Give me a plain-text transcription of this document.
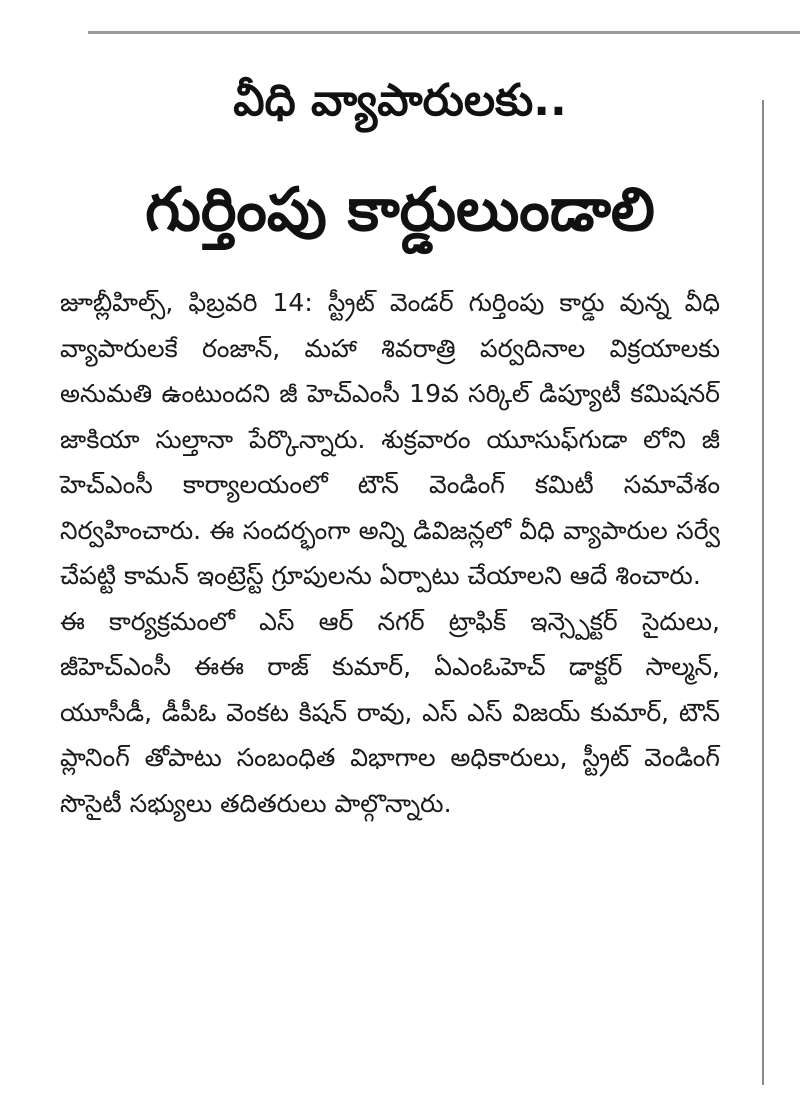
వీధి వ్యాపారులకు..
గుర్తింపు కార్డులుండాలి

జూబ్లీహిల్స్, ఫిబ్రవరి 14: స్ట్రీట్ వెండర్ గుర్తింపు కార్డు వున్న వీధి వ్యాపారులకే రంజాన్, మహా శివరాత్రి పర్వదినాల విక్రయాలకు అనుమతి ఉంటుందని జీ హెచ్ఎంసీ 19వ సర్కిల్ డిప్యూటీ కమిషనర్ జాకియా సుల్తానా పేర్కొన్నారు. శుక్రవారం యూసుఫ్‌గుడా లోని జీ హెచ్ఎంసీ కార్యాలయంలో టౌన్ వెండింగ్ కమిటీ సమావేశం నిర్వహించారు. ఈ సందర్భంగా అన్ని డివిజన్లలో వీధి వ్యాపారుల సర్వే చేపట్టి కామన్ ఇంట్రెస్ట్ గ్రూపులను ఏర్పాటు చేయాలని ఆదే శించారు.

ఈ కార్యక్రమంలో ఎస్ ఆర్ నగర్ ట్రాఫిక్ ఇన్స్పెక్టర్ సైదులు, జీహెచ్ఎంసీ ఈఈ రాజ్ కుమార్, ఏఎంఓహెచ్ డాక్టర్ సాల్మన్, యూసీడీ, డీపీఓ వెంకట కిషన్ రావు, ఎస్ ఎస్ విజయ్ కుమార్, టౌన్ ప్లానింగ్ తోపాటు సంబంధిత విభాగాల అధికారులు, స్ట్రీట్ వెండింగ్ సొసైటీ సభ్యులు తదితరులు పాల్గొన్నారు.
